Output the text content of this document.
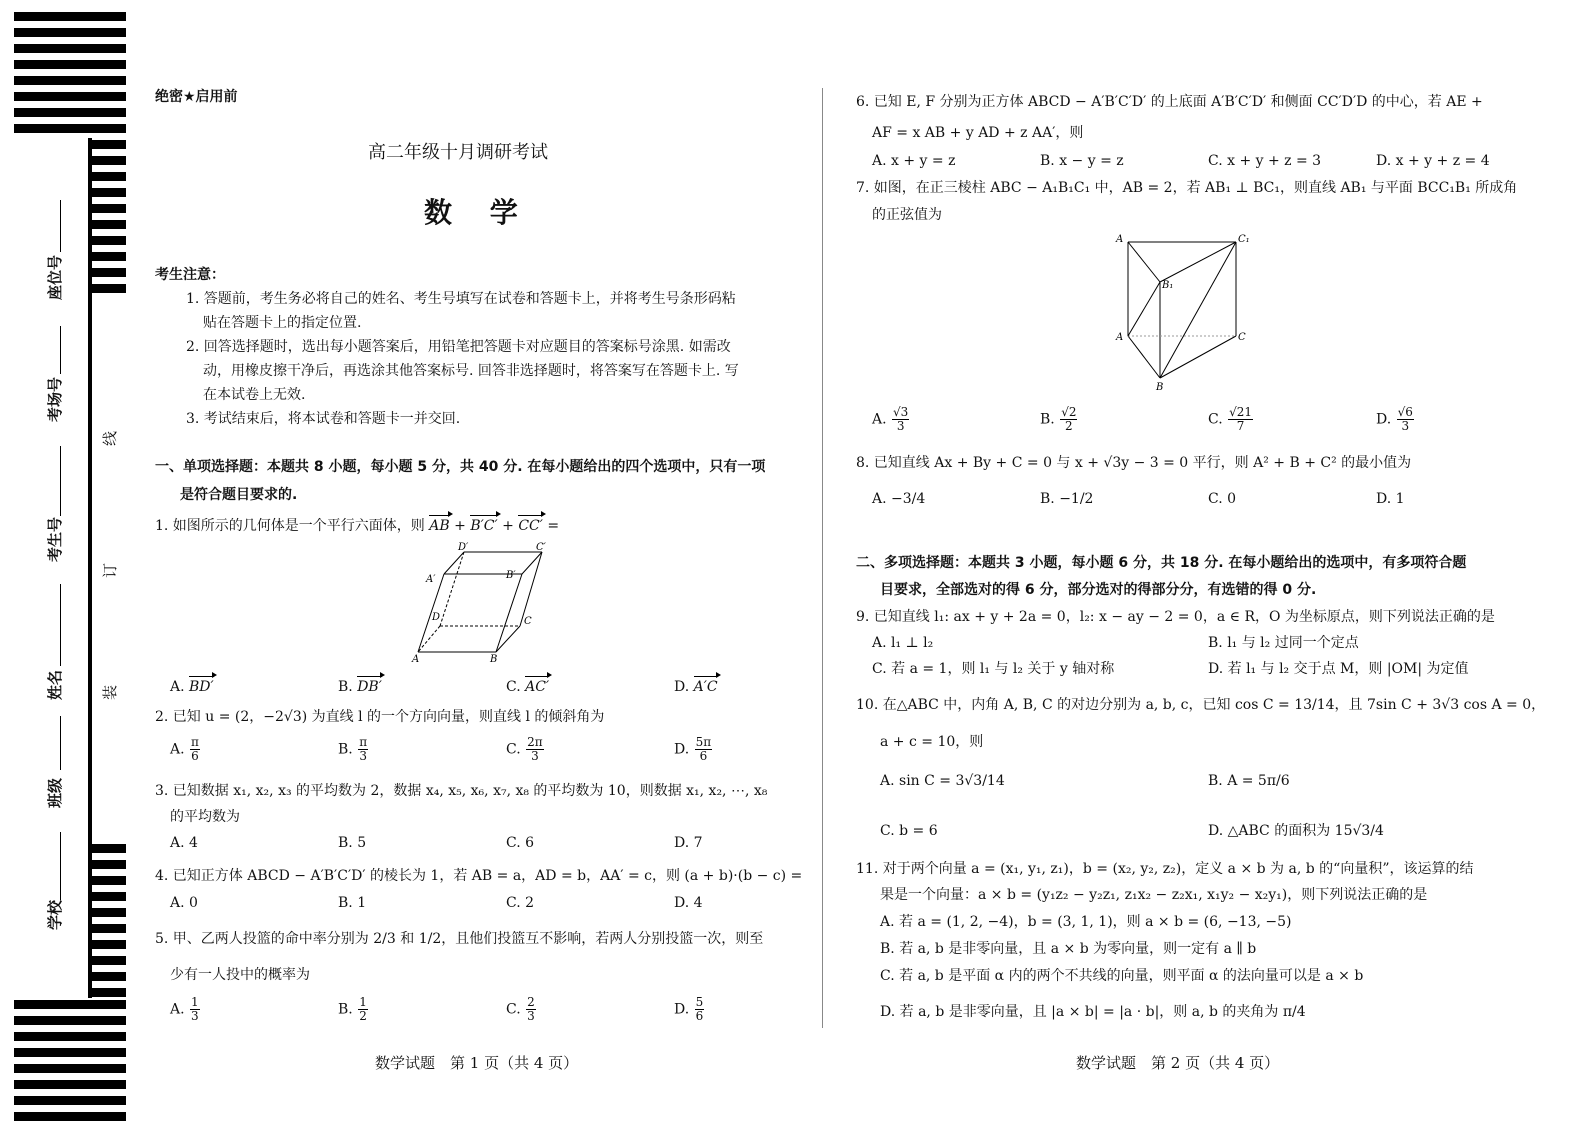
座位号
考场号
考生号
姓名
班级
学校
线
订
装
绝密★启用前
高二年级十月调研考试
数 学
考生注意：
1. 答题前，考生务必将自己的姓名、考生号填写在试卷和答题卡上，并将考生号条形码粘
贴在答题卡上的指定位置.
2. 回答选择题时，选出每小题答案后，用铅笔把答题卡对应题目的答案标号涂黑. 如需改
动，用橡皮擦干净后，再选涂其他答案标号. 回答非选择题时，将答案写在答题卡上. 写
在本试卷上无效.
3. 考试结束后，将本试卷和答题卡一并交回.
一、单项选择题：本题共 8 小题，每小题 5 分，共 40 分. 在每小题给出的四个选项中，只有一项
是符合题目要求的.
1. 如图所示的几何体是一个平行六面体，则 AB + B′C′ + CC′ =
D′	C′
A′	B′
D	C
A	B
A. BD′	B. DB′	C. AC′	D. A′C
2. 已知 u = (2，−2√3) 为直线 l 的一个方向向量，则直线 l 的倾斜角为
A. $\frac{\pi}{6}$	B. $\frac{\pi}{3}$	C. $\frac{2\pi}{3}$	D. $\frac{5\pi}{6}$
3. 已知数据 x₁, x₂, x₃ 的平均数为 2，数据 x₄, x₅, x₆, x₇, x₈ 的平均数为 10，则数据 x₁, x₂, ⋯, x₈
的平均数为
A. 4	B. 5	C. 6	D. 7
4. 已知正方体 ABCD − A′B′C′D′ 的棱长为 1，若 AB = a，AD = b，AA′ = c，则 (a + b)·(b − c) =
A. 0	B. 1	C. 2	D. 4
5. 甲、乙两人投篮的命中率分别为 2/3 和 1/2，且他们投篮互不影响，若两人分别投篮一次，则至
少有一人投中的概率为
A. $\frac{1}{3}$	B. $\frac{1}{2}$	C. $\frac{2}{3}$	D. $\frac{5}{6}$
数学试题　第 1 页（共 4 页）
6. 已知 E, F 分别为正方体 ABCD − A′B′C′D′ 的上底面 A′B′C′D′ 和侧面 CC′D′D 的中心，若 AE +
AF = x AB + y AD + z AA′，则
A. x + y = z	B. x − y = z	C. x + y + z = 3	D. x + y + z = 4
7. 如图，在正三棱柱 ABC − A₁B₁C₁ 中，AB = 2，若 AB₁ ⊥ BC₁，则直线 AB₁ 与平面 BCC₁B₁ 所成角
的正弦值为
A	C₁
B₁
A	C
B
A. $\frac{√3}{3}$	B. $\frac{√2}{2}$	C. $\frac{√21}{7}$	D. $\frac{√6}{3}$
8. 已知直线 Ax + By + C = 0 与 x + √3y − 3 = 0 平行，则 A² + B + C² 的最小值为
A. −3/4	B. −1/2	C. 0	D. 1
二、多项选择题：本题共 3 小题，每小题 6 分，共 18 分. 在每小题给出的选项中，有多项符合题
目要求，全部选对的得 6 分，部分选对的得部分分，有选错的得 0 分.
9. 已知直线 l₁: ax + y + 2a = 0，l₂: x − ay − 2 = 0，a ∈ R，O 为坐标原点，则下列说法正确的是
A. l₁ ⊥ l₂	B. l₁ 与 l₂ 过同一个定点
C. 若 a = 1，则 l₁ 与 l₂ 关于 y 轴对称	D. 若 l₁ 与 l₂ 交于点 M，则 |OM| 为定值
10. 在△ABC 中，内角 A, B, C 的对边分别为 a, b, c，已知 cos C = 13/14，且 7sin C + 3√3 cos A = 0，
a + c = 10，则
A. sin C = 3√3/14	B. A = 5π/6
C. b = 6	D. △ABC 的面积为 15√3/4
11. 对于两个向量 a = (x₁, y₁, z₁)，b = (x₂, y₂, z₂)，定义 a × b 为 a, b 的“向量积”，该运算的结
果是一个向量：a × b = (y₁z₂ − y₂z₁, z₁x₂ − z₂x₁, x₁y₂ − x₂y₁)，则下列说法正确的是
A. 若 a = (1, 2, −4)，b = (3, 1, 1)，则 a × b = (6, −13, −5)
B. 若 a, b 是非零向量，且 a × b 为零向量，则一定有 a ∥ b
C. 若 a, b 是平面 α 内的两个不共线的向量，则平面 α 的法向量可以是 a × b
D. 若 a, b 是非零向量，且 |a × b| = |a · b|，则 a, b 的夹角为 π/4
数学试题　第 2 页（共 4 页）
